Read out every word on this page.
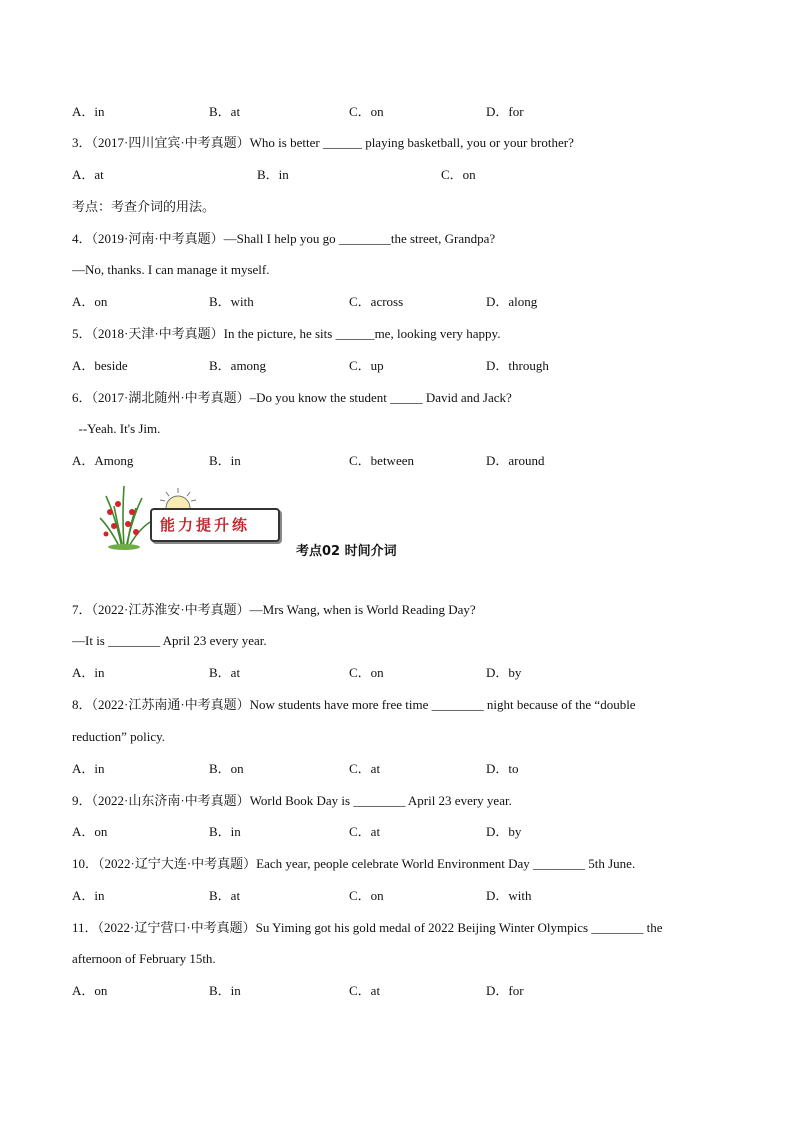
A．in	B．at	C．on	D．for
3．（2017·四川宜宾·中考真题）Who is better ______ playing basketball, you or your brother?
A．at	B．in	C．on
考点：考查介词的用法。
4．（2019·河南·中考真题）—Shall I help you go ________the street, Grandpa?
—No, thanks. I can manage it myself.
A．on	B．with	C．across	D．along
5．（2018·天津·中考真题）In the picture, he sits ______me, looking very happy.
A．beside	B．among	C．up	D．through
6．（2017·湖北随州·中考真题）–Do you know the student _____ David and Jack?
--Yeah. It's Jim.
A．Among	B．in	C．between	D．around
能力提升练
考点02 时间介词
7．（2022·江苏淮安·中考真题）—Mrs Wang, when is World Reading Day?
—It is ________ April 23 every year.
A．in	B．at	C．on	D．by
8．（2022·江苏南通·中考真题）Now students have more free time ________ night because of the “double
reduction” policy.
A．in	B．on	C．at	D．to
9．（2022·山东济南·中考真题）World Book Day is ________ April 23 every year.
A．on	B．in	C．at	D．by
10．（2022·辽宁大连·中考真题）Each year, people celebrate World Environment Day ________ 5th June.
A．in	B．at	C．on	D．with
11．（2022·辽宁营口·中考真题）Su Yiming got his gold medal of 2022 Beijing Winter Olympics ________ the
afternoon of February 15th.
A．on	B．in	C．at	D．for
